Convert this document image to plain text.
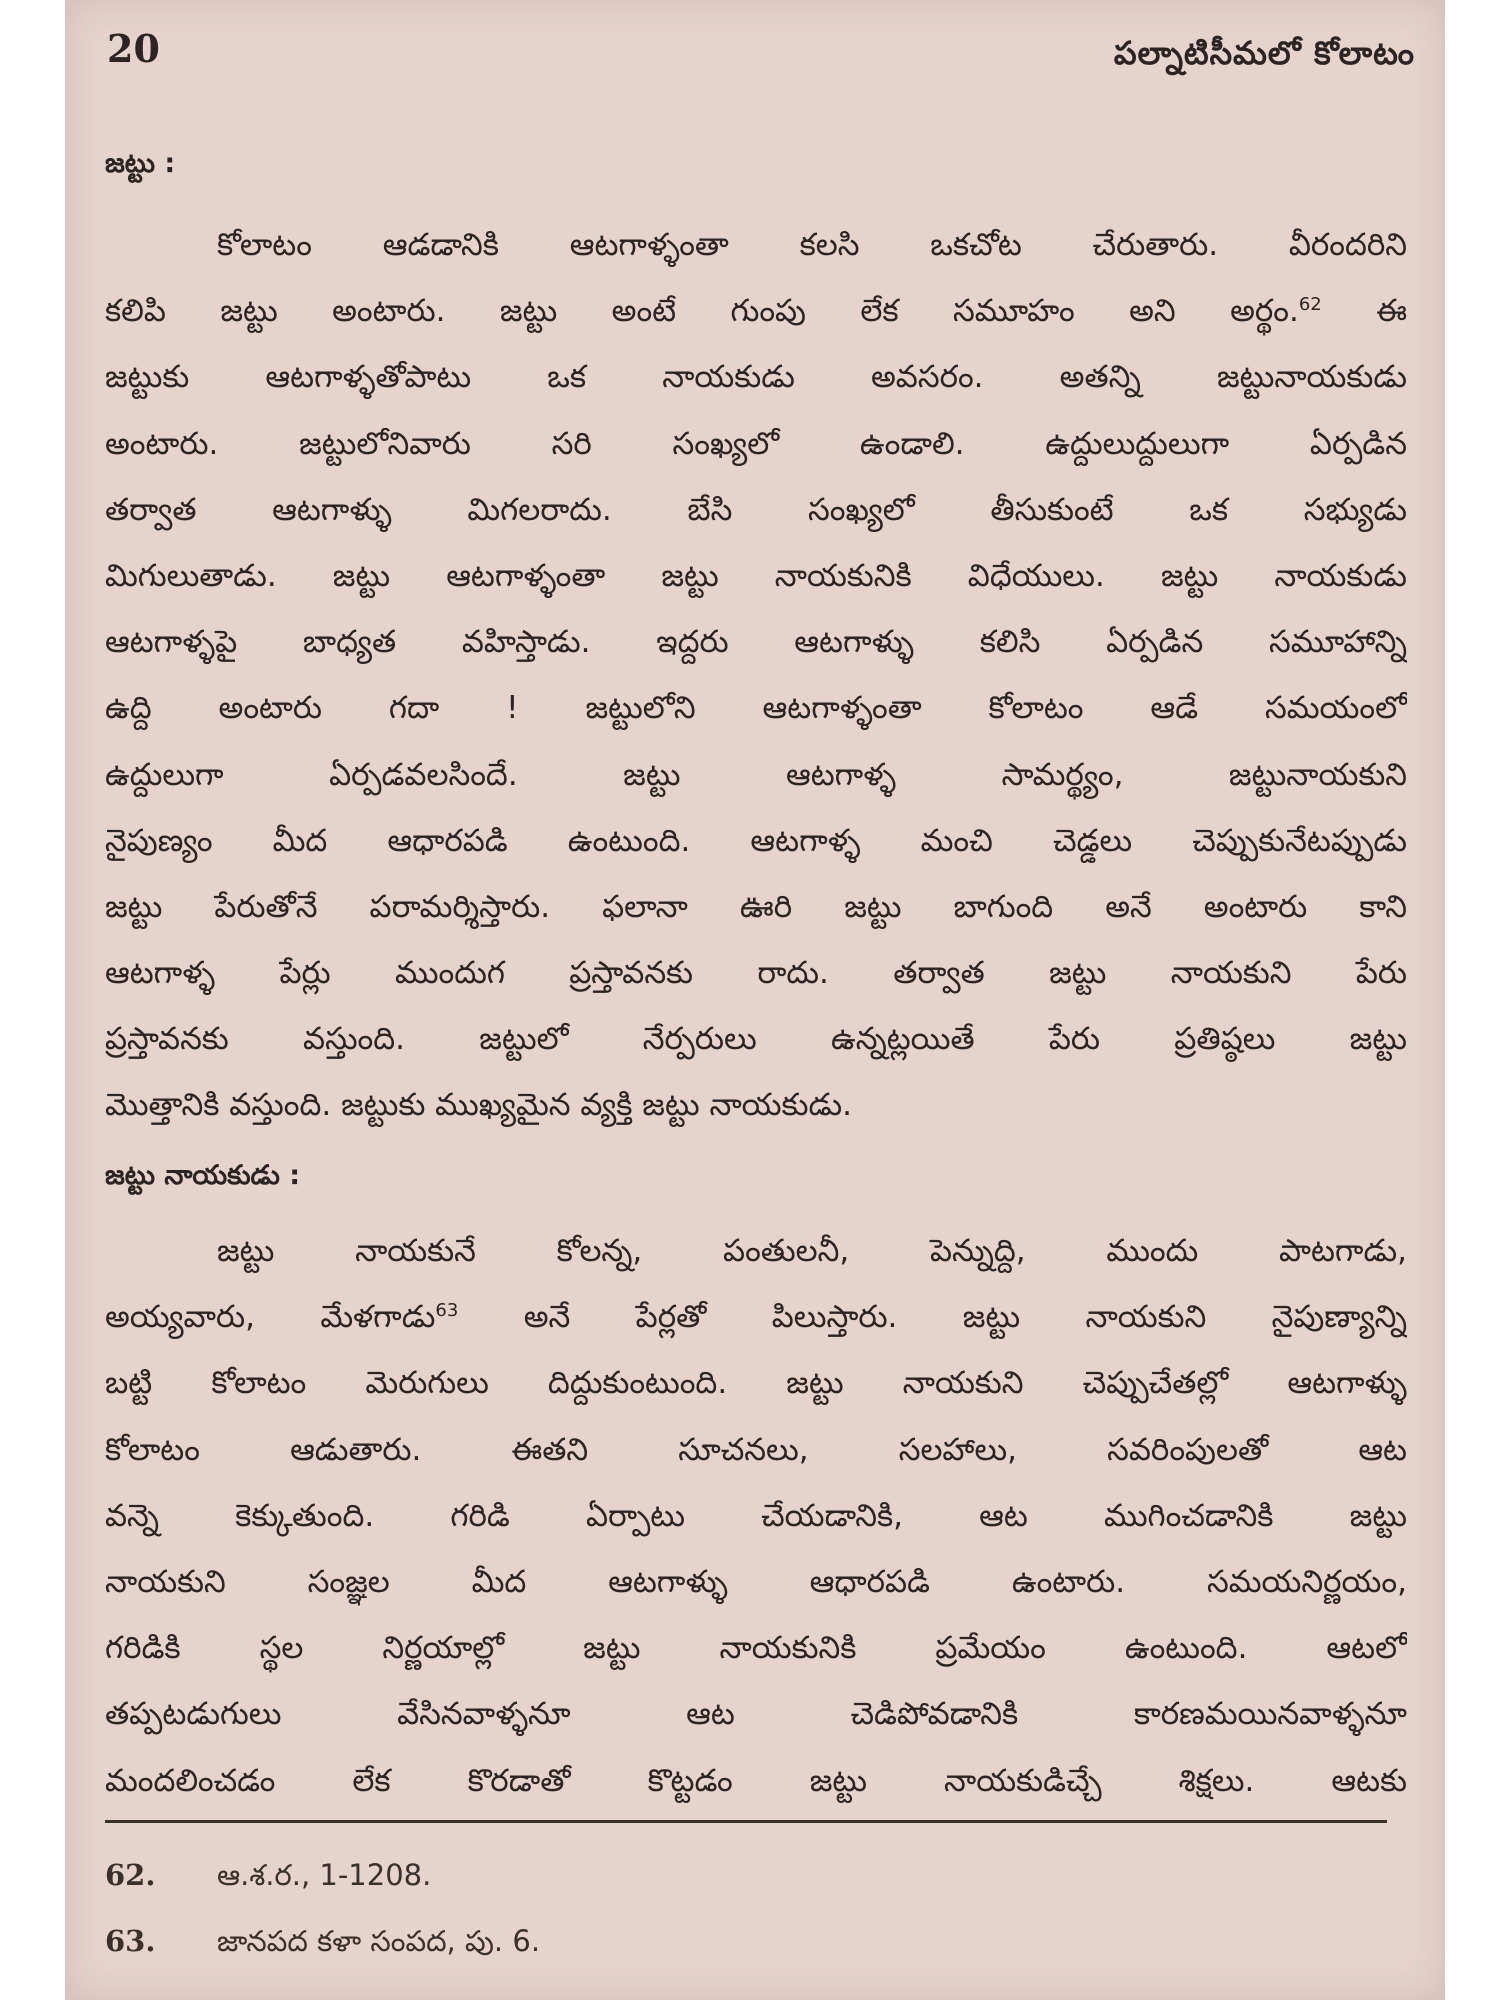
20	పల్నాటిసీమలో కోలాటం
జట్టు :
కోలాటం ఆడడానికి ఆటగాళ్ళంతా కలసి ఒకచోట చేరుతారు. వీరందరిని
కలిపి జట్టు అంటారు. జట్టు అంటే గుంపు లేక సమూహం అని అర్థం.$^{62}$ ఈ
జట్టుకు ఆటగాళ్ళతోపాటు ఒక నాయకుడు అవసరం. అతన్ని జట్టునాయకుడు
అంటారు. జట్టులోనివారు సరి సంఖ్యలో ఉండాలి. ఉద్దులుద్దులుగా ఏర్పడిన
తర్వాత ఆటగాళ్ళు మిగలరాదు. బేసి సంఖ్యలో తీసుకుంటే ఒక సభ్యుడు
మిగులుతాడు. జట్టు ఆటగాళ్ళంతా జట్టు నాయకునికి విధేయులు. జట్టు నాయకుడు
ఆటగాళ్ళపై బాధ్యత వహిస్తాడు. ఇద్దరు ఆటగాళ్ళు కలిసి ఏర్పడిన సమూహాన్ని
ఉద్ది అంటారు గదా ! జట్టులోని ఆటగాళ్ళంతా కోలాటం ఆడే సమయంలో
ఉద్దులుగా ఏర్పడవలసిందే. జట్టు ఆటగాళ్ళ సామర్థ్యం, జట్టునాయకుని
నైపుణ్యం మీద ఆధారపడి ఉంటుంది. ఆటగాళ్ళ మంచి చెడ్డలు చెప్పుకునేటప్పుడు
జట్టు పేరుతోనే పరామర్శిస్తారు. ఫలానా ఊరి జట్టు బాగుంది అనే అంటారు కాని
ఆటగాళ్ళ పేర్లు ముందుగ ప్రస్తావనకు రాదు. తర్వాత జట్టు నాయకుని పేరు
ప్రస్తావనకు వస్తుంది. జట్టులో నేర్పరులు ఉన్నట్లయితే పేరు ప్రతిష్ఠలు జట్టు
మొత్తానికి వస్తుంది. జట్టుకు ముఖ్యమైన వ్యక్తి జట్టు నాయకుడు.
జట్టు నాయకుడు :
జట్టు నాయకునే కోలన్న, పంతులనీ, పెన్నుద్ది, ముందు పాటగాడు,
అయ్యవారు, మేళగాడు$^{63}$ అనే పేర్లతో పిలుస్తారు. జట్టు నాయకుని నైపుణ్యాన్ని
బట్టి కోలాటం మెరుగులు దిద్దుకుంటుంది. జట్టు నాయకుని చెప్పుచేతల్లో ఆటగాళ్ళు
కోలాటం ఆడుతారు. ఈతని సూచనలు, సలహాలు, సవరింపులతో ఆట
వన్నె కెక్కుతుంది. గరిడి ఏర్పాటు చేయడానికి, ఆట ముగించడానికి జట్టు
నాయకుని సంజ్ఞల మీద ఆటగాళ్ళు ఆధారపడి ఉంటారు. సమయనిర్ణయం,
గరిడికి స్థల నిర్ణయాల్లో జట్టు నాయకునికి ప్రమేయం ఉంటుంది. ఆటలో
తప్పటడుగులు వేసినవాళ్ళనూ ఆట చెడిపోవడానికి కారణమయినవాళ్ళనూ
మందలించడం లేక కొరడాతో కొట్టడం జట్టు నాయకుడిచ్చే శిక్షలు. ఆటకు
62. ఆ.శ.ర., 1-1208.
63. జానపద కళా సంపద, పు. 6.
